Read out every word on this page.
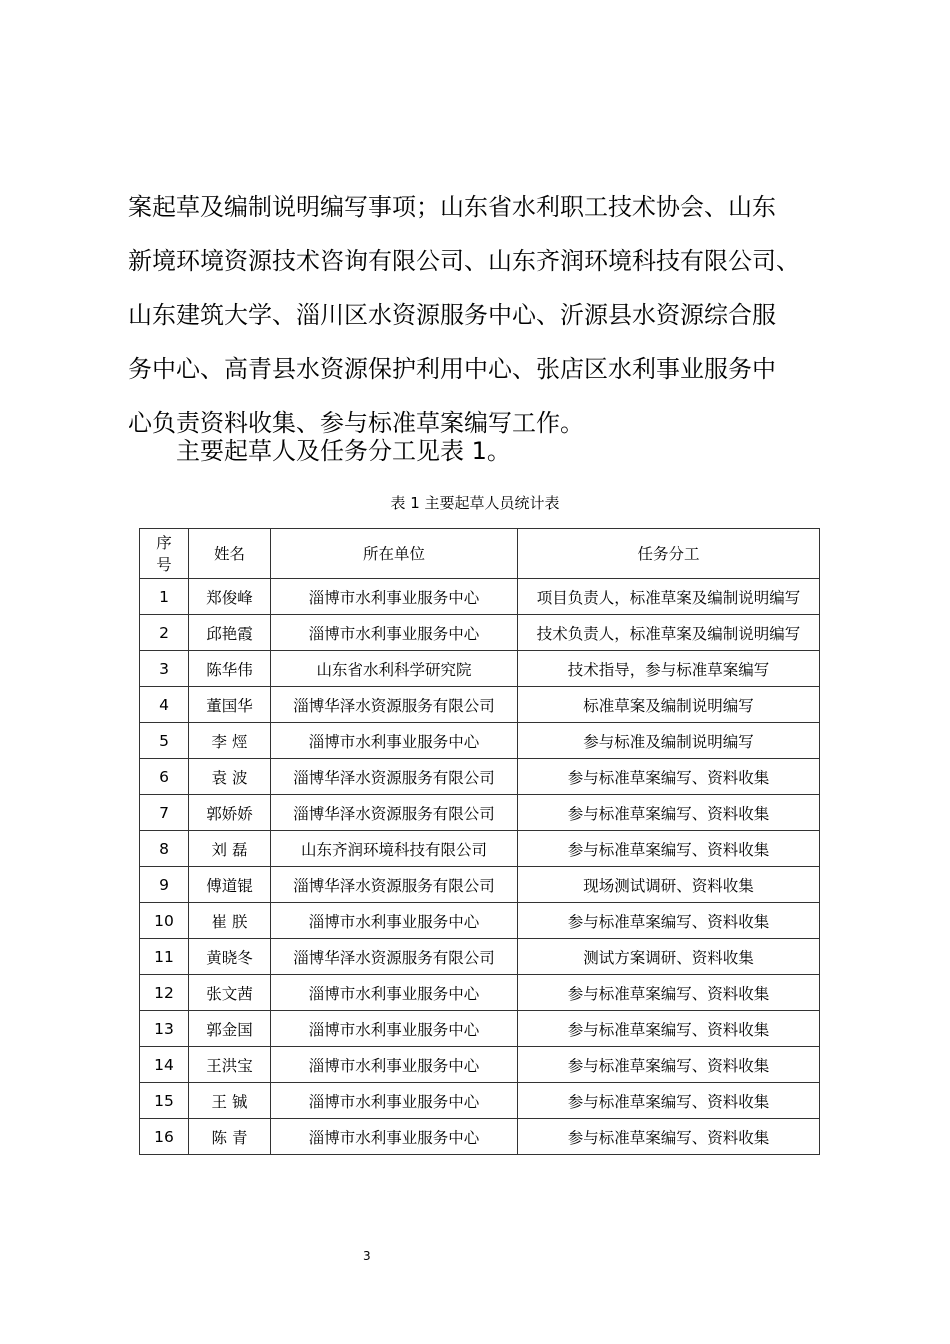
案起草及编制说明编写事项；山东省水利职工技术协会、山东
新境环境资源技术咨询有限公司、山东齐润环境科技有限公司、
山东建筑大学、淄川区水资源服务中心、沂源县水资源综合服
务中心、高青县水资源保护利用中心、张店区水利事业服务中
心负责资料收集、参与标准草案编写工作。

主要起草人及任务分工见表 1。

表 1 主要起草人员统计表
序号	姓名	所在单位	任务分工
1	郑俊峰	淄博市水利事业服务中心	项目负责人，标准草案及编制说明编写
2	邱艳霞	淄博市水利事业服务中心	技术负责人，标准草案及编制说明编写
3	陈华伟	山东省水利科学研究院	技术指导，参与标准草案编写
4	董国华	淄博华泽水资源服务有限公司	标准草案及编制说明编写
5	李 烴	淄博市水利事业服务中心	参与标准及编制说明编写
6	袁 波	淄博华泽水资源服务有限公司	参与标准草案编写、资料收集
7	郭娇娇	淄博华泽水资源服务有限公司	参与标准草案编写、资料收集
8	刘 磊	山东齐润环境科技有限公司	参与标准草案编写、资料收集
9	傅道锟	淄博华泽水资源服务有限公司	现场测试调研、资料收集
10	崔 朕	淄博市水利事业服务中心	参与标准草案编写、资料收集
11	黄晓冬	淄博华泽水资源服务有限公司	测试方案调研、资料收集
12	张文茜	淄博市水利事业服务中心	参与标准草案编写、资料收集
13	郭金国	淄博市水利事业服务中心	参与标准草案编写、资料收集
14	王洪宝	淄博市水利事业服务中心	参与标准草案编写、资料收集
15	王 铖	淄博市水利事业服务中心	参与标准草案编写、资料收集
16	陈 青	淄博市水利事业服务中心	参与标准草案编写、资料收集
3
